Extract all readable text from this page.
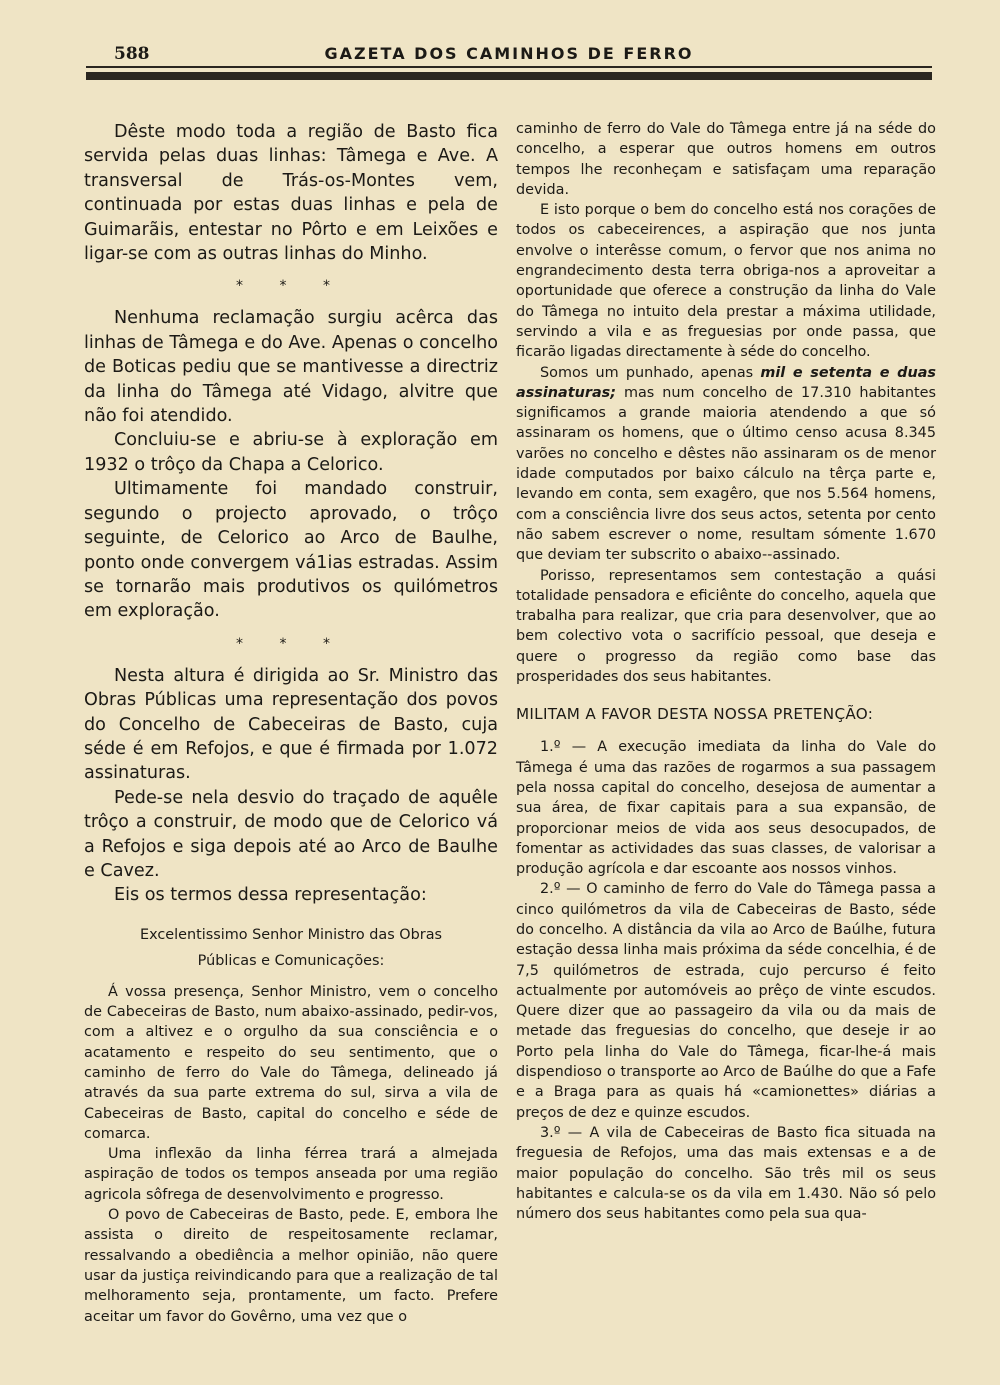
588	GAZETA DOS CAMINHOS DE FERRO

Dêste modo toda a região de Basto fica servida pelas duas linhas: Tâmega e Ave. A transversal de Trás-os-Montes vem, continuada por estas duas linhas e pela de Guimarãis, entestar no Pôrto e em Leixões e ligar-se com as outras linhas do Minho.

* * *

Nenhuma reclamação surgiu acêrca das linhas de Tâmega e do Ave. Apenas o concelho de Boticas pediu que se mantivesse a directriz da linha do Tâmega até Vidago, alvitre que não foi atendido.

Concluiu-se e abriu-se à exploração em 1932 o trôço da Chapa a Celorico.

Ultimamente foi mandado construir, segundo o projecto aprovado, o trôço seguinte, de Celorico ao Arco de Baulhe, ponto onde convergem vá1ias estradas. Assim se tornarão mais produtivos os quilómetros em exploração.

* * *

Nesta altura é dirigida ao Sr. Ministro das Obras Públicas uma representação dos povos do Concelho de Cabeceiras de Basto, cuja séde é em Refojos, e que é firmada por 1.072 assinaturas.

Pede-se nela desvio do traçado de aquêle trôço a construir, de modo que de Celorico vá a Refojos e siga depois até ao Arco de Baulhe e Cavez.

Eis os termos dessa representação:

Excelentissimo Senhor Ministro das Obras
Públicas e Comunicações:

Á vossa presença, Senhor Ministro, vem o concelho de Cabeceiras de Basto, num abaixo-assinado, pedir-vos, com a altivez e o orgulho da sua consciência e o acatamento e respeito do seu sentimento, que o caminho de ferro do Vale do Tâmega, delineado já através da sua parte extrema do sul, sirva a vila de Cabeceiras de Basto, capital do concelho e séde de comarca.

Uma inflexão da linha férrea trará a almejada aspiração de todos os tempos anseada por uma região agricola sôfrega de desenvolvimento e progresso.

O povo de Cabeceiras de Basto, pede. E, embora lhe assista o direito de respeitosamente reclamar, ressalvando a obediência a melhor opinião, não quere usar da justiça reivindicando para que a realização de tal melhoramento seja, prontamente, um facto. Prefere aceitar um favor do Govêrno, uma vez que o

caminho de ferro do Vale do Tâmega entre já na séde do concelho, a esperar que outros homens em outros tempos lhe reconheçam e satisfaçam uma reparação devida.

E isto porque o bem do concelho está nos corações de todos os cabeceirences, a aspiração que nos junta envolve o interêsse comum, o fervor que nos anima no engrandecimento desta terra obriga-nos a aproveitar a oportunidade que oferece a construção da linha do Vale do Tâmega no intuito dela prestar a máxima utilidade, servindo a vila e as freguesias por onde passa, que ficarão ligadas directamente à séde do concelho.

Somos um punhado, apenas mil e setenta e duas assinaturas; mas num concelho de 17.310 habitantes significamos a grande maioria atendendo a que só assinaram os homens, que o último censo acusa 8.345 varões no concelho e dêstes não assinaram os de menor idade computados por baixo cálculo na têrça parte e, levando em conta, sem exagêro, que nos 5.564 homens, com a consciência livre dos seus actos, setenta por cento não sabem escrever o nome, resultam sómente 1.670 que deviam ter subscrito o abaixo--assinado.

Porisso, representamos sem contestação a quási totalidade pensadora e eficiênte do concelho, aquela que trabalha para realizar, que cria para desenvolver, que ao bem colectivo vota o sacrifício pessoal, que deseja e quere o progresso da região como base das prosperidades dos seus habitantes.

MILITAM A FAVOR DESTA NOSSA PRETENÇÃO:

1.º — A execução imediata da linha do Vale do Tâmega é uma das razões de rogarmos a sua passagem pela nossa capital do concelho, desejosa de aumentar a sua área, de fixar capitais para a sua expansão, de proporcionar meios de vida aos seus desocupados, de fomentar as actividades das suas classes, de valorisar a produção agrícola e dar escoante aos nossos vinhos.

2.º — O caminho de ferro do Vale do Tâmega passa a cinco quilómetros da vila de Cabeceiras de Basto, séde do concelho. A distância da vila ao Arco de Baúlhe, futura estação dessa linha mais próxima da séde concelhia, é de 7,5 quilómetros de estrada, cujo percurso é feito actualmente por automóveis ao prêço de vinte escudos. Quere dizer que ao passageiro da vila ou da mais de metade das freguesias do concelho, que deseje ir ao Porto pela linha do Vale do Tâmega, ficar-lhe-á mais dispendioso o transporte ao Arco de Baúlhe do que a Fafe e a Braga para as quais há «camionettes» diárias a preços de dez e quinze escudos.

3.º — A vila de Cabeceiras de Basto fica situada na freguesia de Refojos, uma das mais extensas e a de maior população do concelho. São três mil os seus habitantes e calcula-se os da vila em 1.430. Não só pelo número dos seus habitantes como pela sua qua-
